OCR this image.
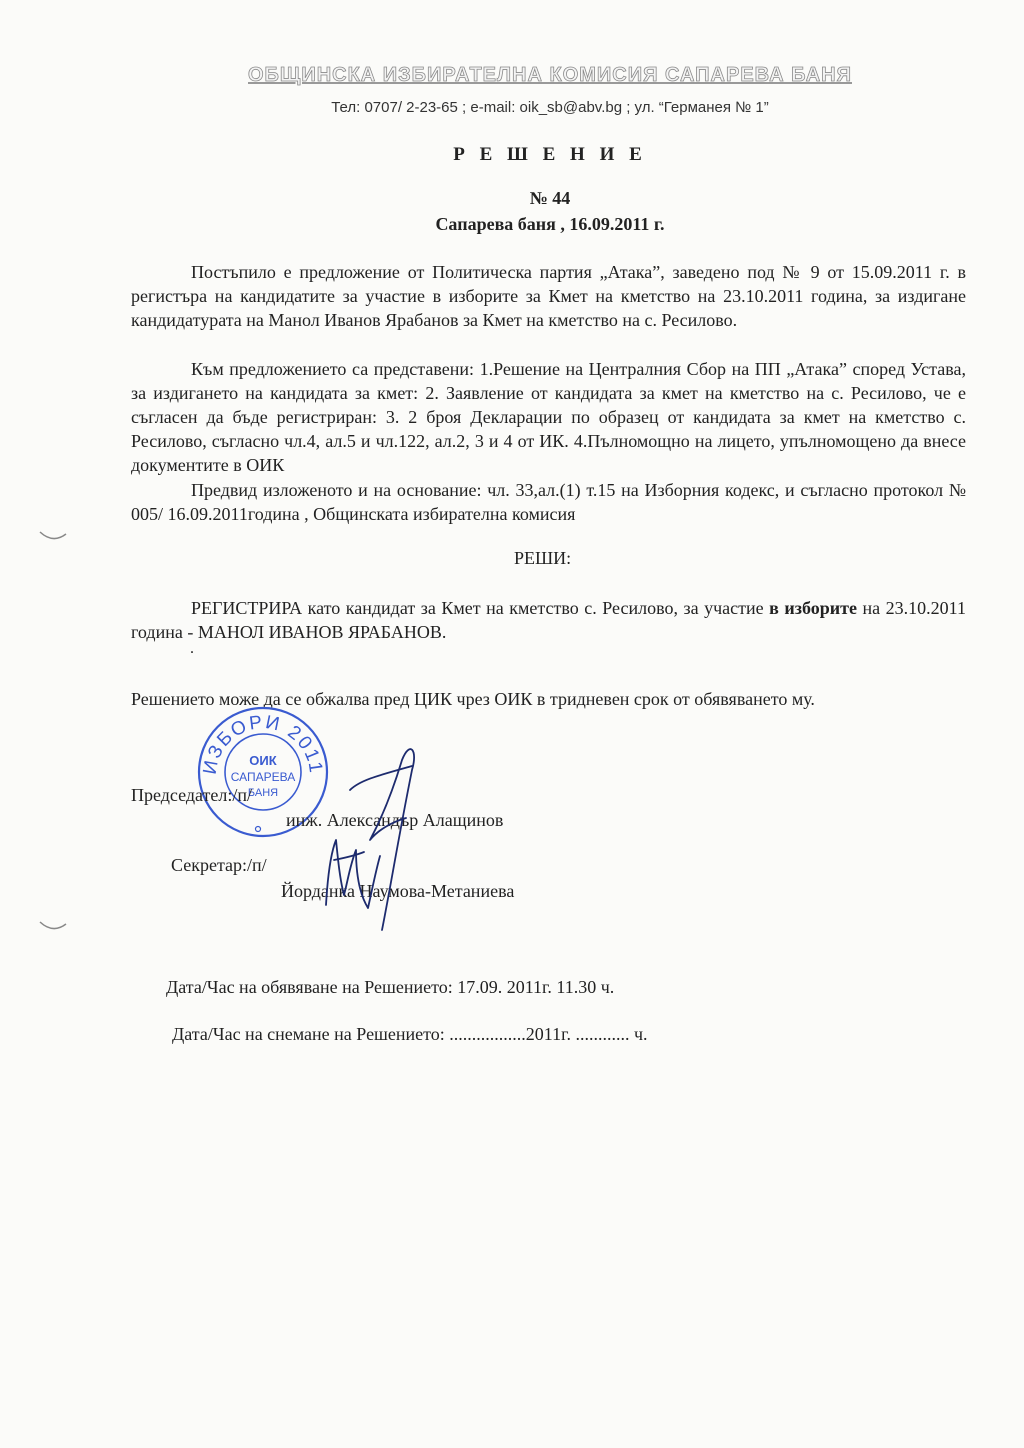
ОБЩИНСКА ИЗБИРАТЕЛНА КОМИСИЯ САПАРЕВА БАНЯ
Тел: 0707/ 2-23-65 ; e-mail: oik_sb@abv.bg ; ул. “Германея № 1”
Р Е Ш Е Н И Е
№ 44
Сапарева баня , 16.09.2011 г.
Постъпило е предложение от Политическа партия „Атака”, заведено под № 9 от 15.09.2011 г. в регистъра на кандидатите за участие в изборите за Кмет на кметство на 23.10.2011 година, за издигане кандидатурата на Манол Иванов Ярабанов за Кмет на кметство на с. Ресилово.
Към предложението са представени: 1.Решение на Централния Сбор на ПП „Атака” според Устава, за издигането на кандидата за кмет: 2. Заявление от кандидата за кмет на кметство на с. Ресилово, че е съгласен да бъде регистриран: 3. 2 броя Декларации по образец от кандидата за кмет на кметство с. Ресилово, съгласно чл.4, ал.5 и чл.122, ал.2, 3 и 4 от ИК. 4.Пълномощно на лицето, упълномощено да внесе документите в ОИК
Предвид изложеното и на основание: чл. 33,ал.(1) т.15 на Изборния кодекс, и съгласно протокол № 005/ 16.09.2011година , Общинската избирателна комисия
РЕШИ:
РЕГИСТРИРА като кандидат за Кмет на кметство с. Ресилово, за участие в изборите на 23.10.2011 година - МАНОЛ ИВАНОВ ЯРАБАНОВ.
.
Решението може да се обжалва пред ЦИК чрез ОИК в тридневен срок от обявяването му.
ИЗБОРИ 2011
ОИК
САПАРЕВА
БАНЯ
Председател:/п/
инж. Александър Алащинов
Секретар:/п/
Йорданка Наумова-Метаниева
Дата/Час на обявяване на Решението: 17.09. 2011г. 11.30 ч.
Дата/Час на снемане на Решението: .................2011г. ............ ч.
